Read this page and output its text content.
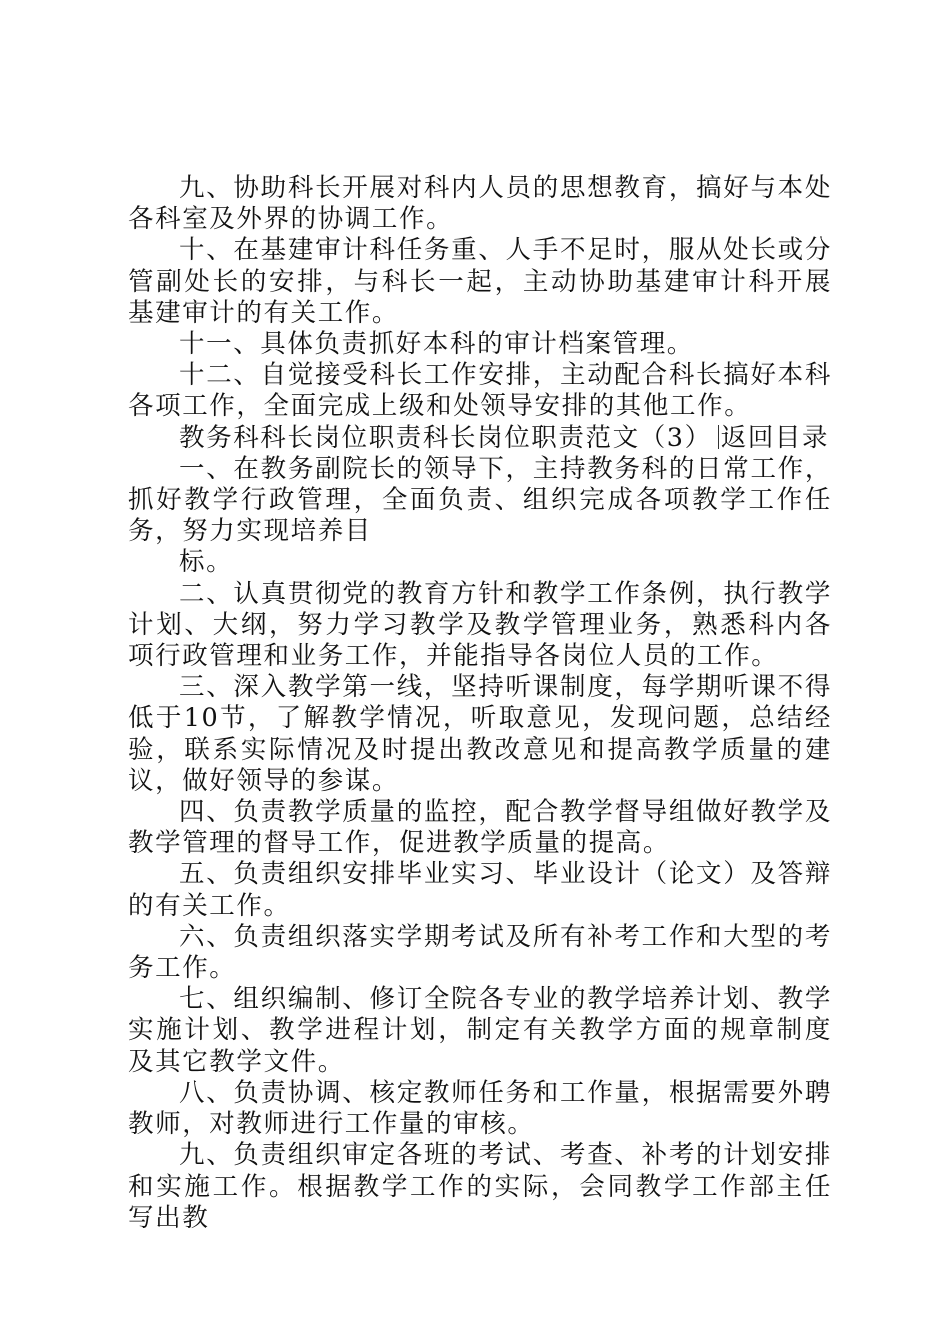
九、协助科长开展对科内人员的思想教育，搞好与本处各科室及外界的协调工作。

十、在基建审计科任务重、人手不足时，服从处长或分管副处长的安排，与科长一起，主动协助基建审计科开展基建审计的有关工作。

十一、具体负责抓好本科的审计档案管理。

十二、自觉接受科长工作安排，主动配合科长搞好本科各项工作，全面完成上级和处领导安排的其他工作。

教务科科长岗位职责科长岗位职责范文（3） 返回目录

一、在教务副院长的领导下，主持教务科的日常工作，抓好教学行政管理，全面负责、组织完成各项教学工作任务，努力实现培养目

标。

二、认真贯彻党的教育方针和教学工作条例，执行教学计划、大纲，努力学习教学及教学管理业务，熟悉科内各项行政管理和业务工作，并能指导各岗位人员的工作。

三、深入教学第一线，坚持听课制度，每学期听课不得低于10节，了解教学情况，听取意见，发现问题，总结经验，联系实际情况及时提出教改意见和提高教学质量的建议，做好领导的参谋。

四、负责教学质量的监控，配合教学督导组做好教学及教学管理的督导工作，促进教学质量的提高。

五、负责组织安排毕业实习、毕业设计（论文）及答辩的有关工作。

六、负责组织落实学期考试及所有补考工作和大型的考务工作。

七、组织编制、修订全院各专业的教学培养计划、教学实施计划、教学进程计划，制定有关教学方面的规章制度及其它教学文件。

八、负责协调、核定教师任务和工作量，根据需要外聘教师，对教师进行工作量的审核。

九、负责组织审定各班的考试、考查、补考的计划安排和实施工作。根据教学工作的实际，会同教学工作部主任写出教
